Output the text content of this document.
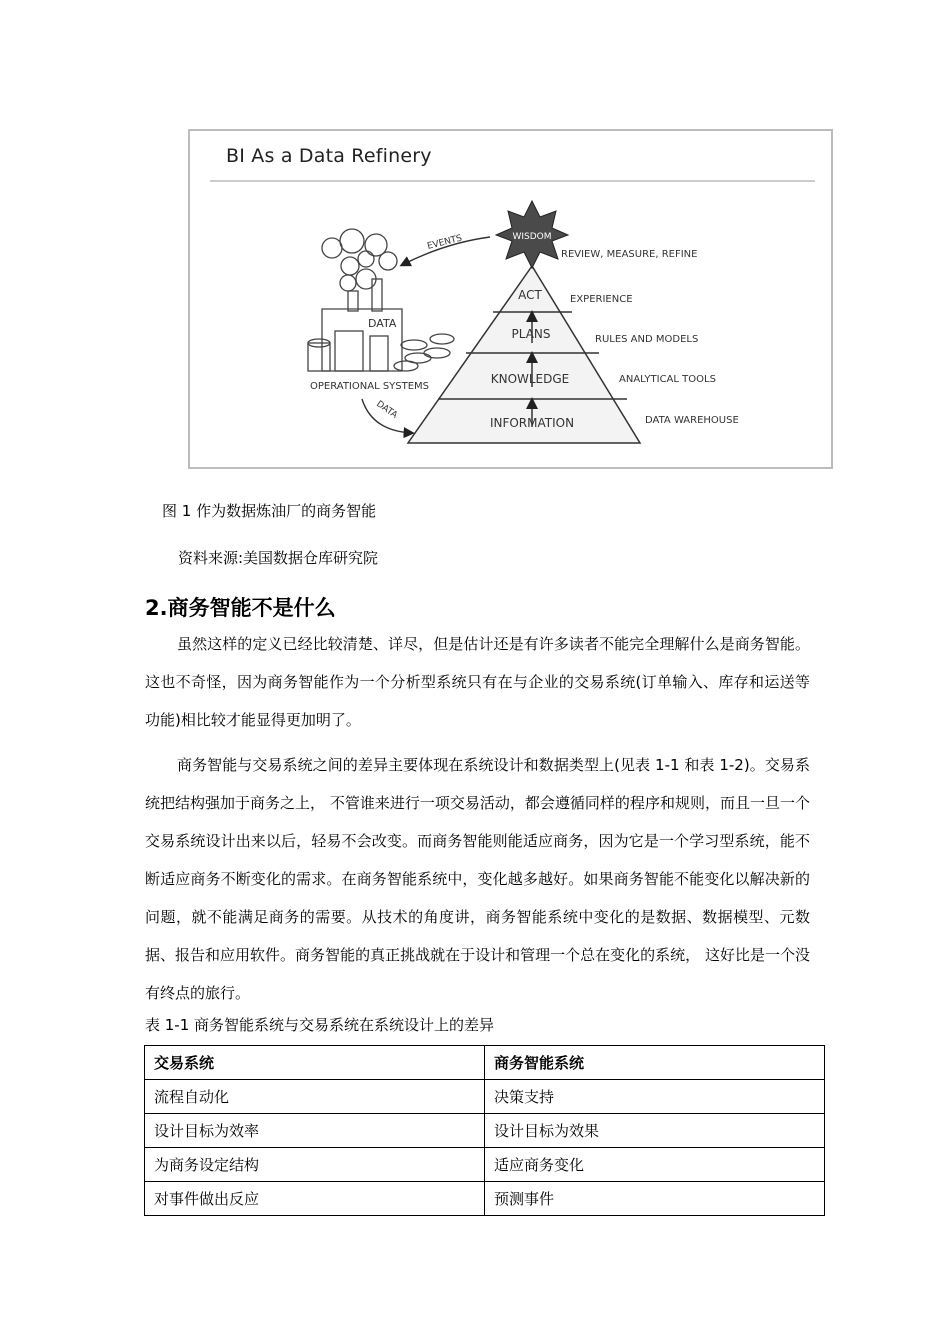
BI As a Data Refinery
WISDOM
ACT
PLANS
KNOWLEDGE
INFORMATION
REVIEW, MEASURE, REFINE
EXPERIENCE
RULES AND MODELS
ANALYTICAL TOOLS
DATA WAREHOUSE
DATA
OPERATIONAL SYSTEMS
EVENTS
DATA
图 1 作为数据炼油厂的商务智能
资料来源:美国数据仓库研究院
2.商务智能不是什么

虽然这样的定义已经比较清楚、详尽，但是估计还是有许多读者不能完全理解什么是商务智能。这也不奇怪，因为商务智能作为一个分析型系统只有在与企业的交易系统(订单输入、库存和运送等功能)相比较才能显得更加明了。

商务智能与交易系统之间的差异主要体现在系统设计和数据类型上(见表 1-1 和表 1-2)。交易系统把结构强加于商务之上， 不管谁来进行一项交易活动，都会遵循同样的程序和规则，而且一旦一个交易系统设计出来以后，轻易不会改变。而商务智能则能适应商务，因为它是一个学习型系统，能不断适应商务不断变化的需求。在商务智能系统中，变化越多越好。如果商务智能不能变化以解决新的问题，就不能满足商务的需要。从技术的角度讲，商务智能系统中变化的是数据、数据模型、元数据、报告和应用软件。商务智能的真正挑战就在于设计和管理一个总在变化的系统， 这好比是一个没有终点的旅行。

表 1-1 商务智能系统与交易系统在系统设计上的差异
交易系统	商务智能系统
流程自动化	决策支持
设计目标为效率	设计目标为效果
为商务设定结构	适应商务变化
对事件做出反应	预测事件
